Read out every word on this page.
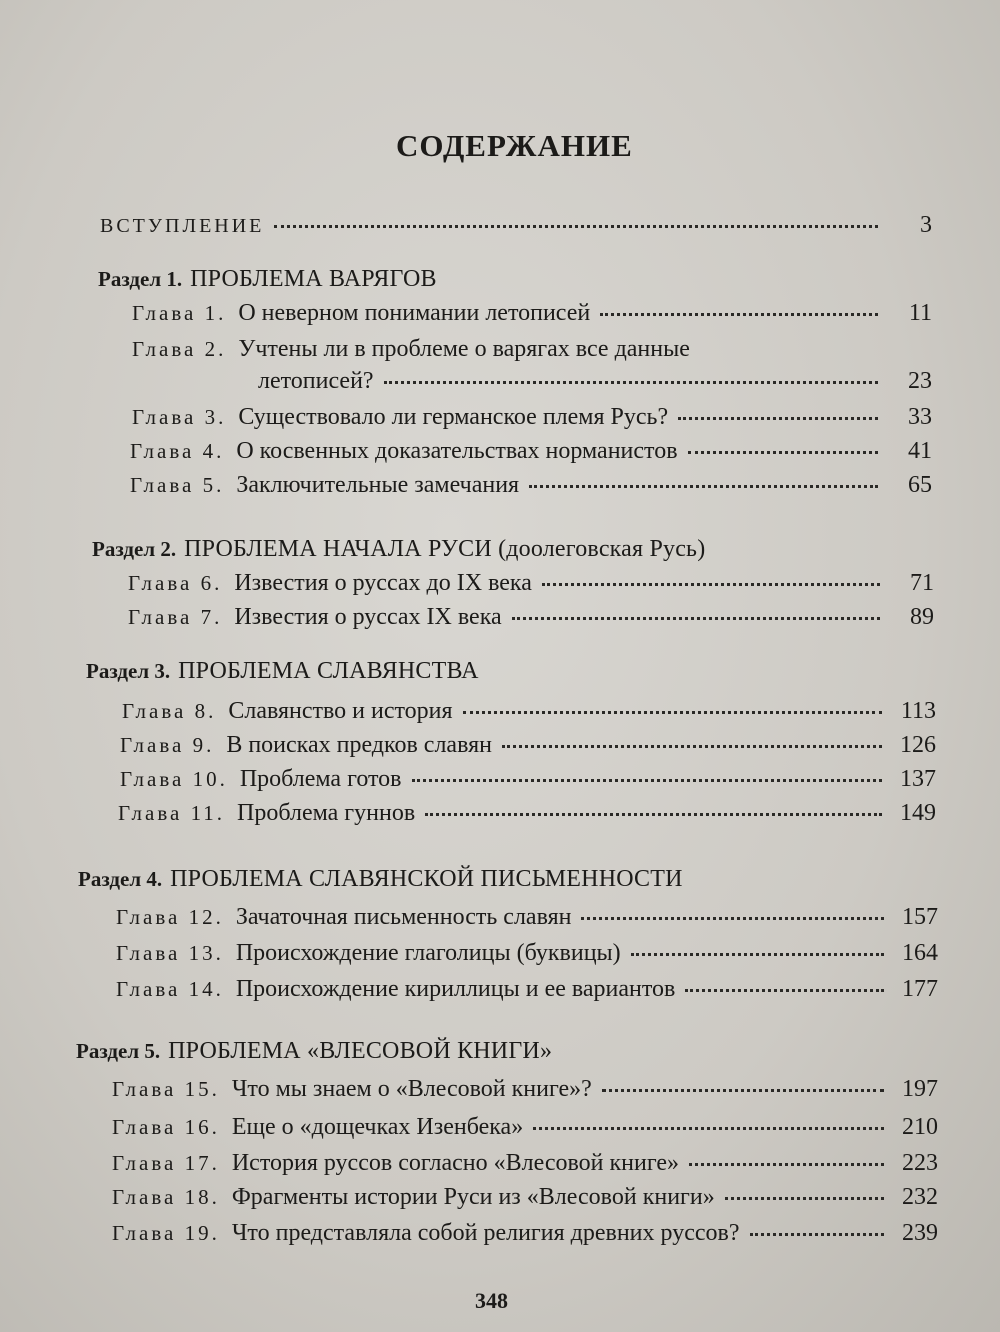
СОДЕРЖАНИЕ
ВСТУПЛЕНИЕ	3
Раздел 1. ПРОБЛЕМА ВАРЯГОВ
Глава 1. О неверном понимании летописей	11
Глава 2. Учтены ли в проблеме о варягах все данные
летописей?	23
Глава 3. Существовало ли германское племя Русь?	33
Глава 4. О косвенных доказательствах норманистов	41
Глава 5. Заключительные замечания	65
Раздел 2. ПРОБЛЕМА НАЧАЛА РУСИ (доолеговская Русь)
Глава 6. Известия о руссах до IX века	71
Глава 7. Известия о руссах IX века	89
Раздел 3. ПРОБЛЕМА СЛАВЯНСТВА
Глава 8. Славянство и история	113
Глава 9. В поисках предков славян	126
Глава 10. Проблема готов	137
Глава 11. Проблема гуннов	149
Раздел 4. ПРОБЛЕМА СЛАВЯНСКОЙ ПИСЬМЕННОСТИ
Глава 12. Зачаточная письменность славян	157
Глава 13. Происхождение глаголицы (буквицы)	164
Глава 14. Происхождение кириллицы и ее вариантов	177
Раздел 5. ПРОБЛЕМА «ВЛЕСОВОЙ КНИГИ»
Глава 15. Что мы знаем о «Влесовой книге»?	197
Глава 16. Еще о «дощечках Изенбека»	210
Глава 17. История руссов согласно «Влесовой книге»	223
Глава 18. Фрагменты истории Руси из «Влесовой книги»	232
Глава 19. Что представляла собой религия древних руссов?	239
348
